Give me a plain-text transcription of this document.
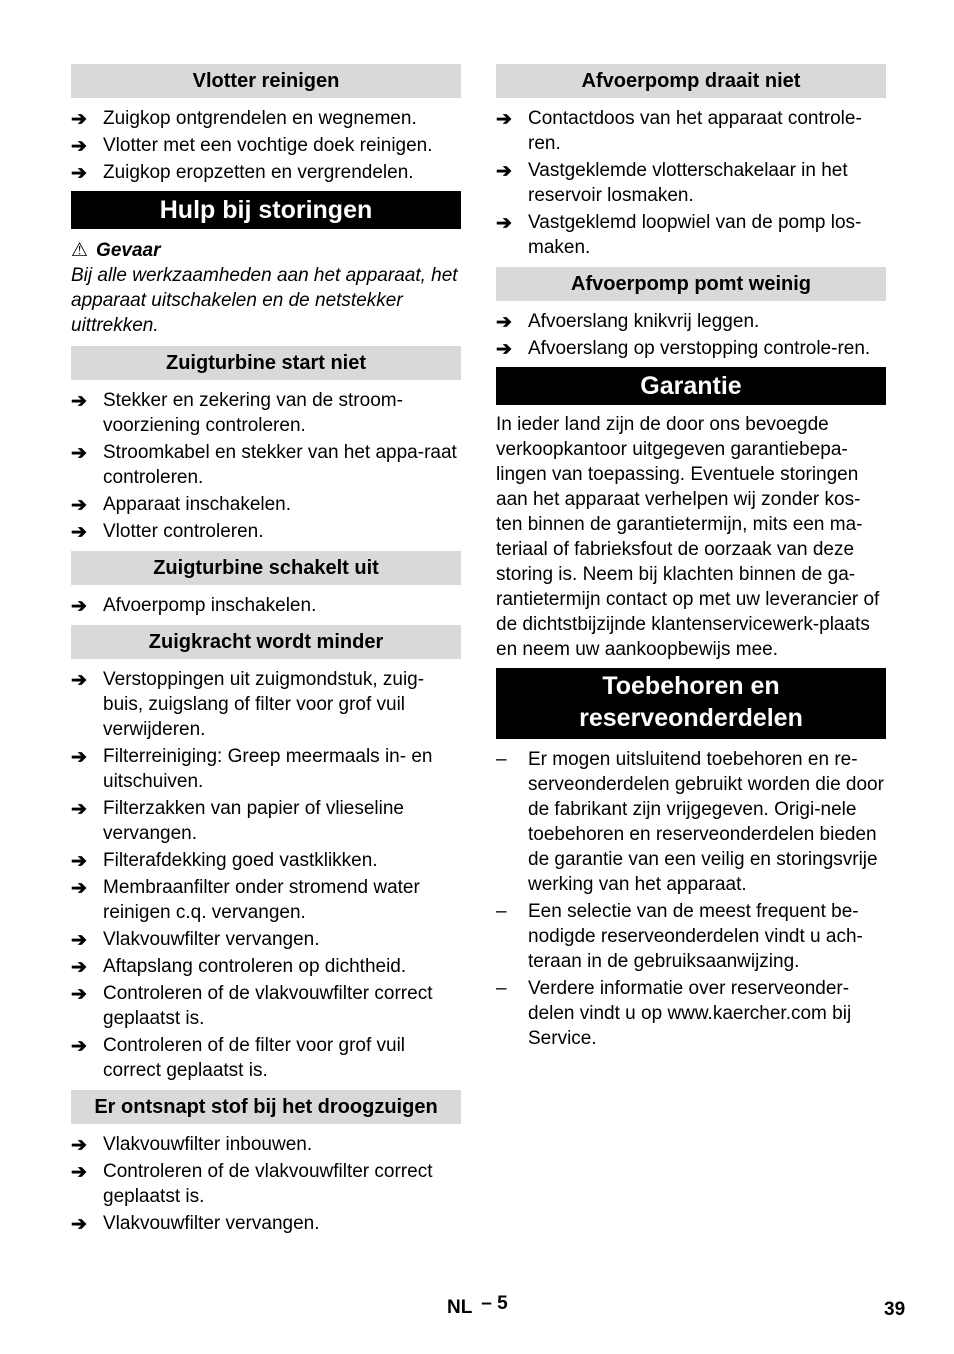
Vlotter reinigen
➔ Zuigkop ontgrendelen en wegnemen.
➔ Vlotter met een vochtige doek reinigen.
➔ Zuigkop eropzetten en vergrendelen.
Hulp bij storingen
⚠ Gevaar
Bij alle werkzaamheden aan het apparaat, het apparaat uitschakelen en de netstekker uittrekken.
Zuigturbine start niet
➔ Stekker en zekering van de stroom-voorziening controleren.
➔ Stroomkabel en stekker van het appa-raat controleren.
➔ Apparaat inschakelen.
➔ Vlotter controleren.
Zuigturbine schakelt uit
➔ Afvoerpomp inschakelen.
Zuigkracht wordt minder
➔ Verstoppingen uit zuigmondstuk, zuig-buis, zuigslang of filter voor grof vuil verwijderen.
➔ Filterreiniging: Greep meermaals in- en uitschuiven.
➔ Filterzakken van papier of vlieseline vervangen.
➔ Filterafdekking goed vastklikken.
➔ Membraanfilter onder stromend water reinigen c.q. vervangen.
➔ Vlakvouwfilter vervangen.
➔ Aftapslang controleren op dichtheid.
➔ Controleren of de vlakvouwfilter correct geplaatst is.
➔ Controleren of de filter voor grof vuil correct geplaatst is.
Er ontsnapt stof bij het droogzuigen
➔ Vlakvouwfilter inbouwen.
➔ Controleren of de vlakvouwfilter correct geplaatst is.
➔ Vlakvouwfilter vervangen.
Afvoerpomp draait niet
➔ Contactdoos van het apparaat controle-ren.
➔ Vastgeklemde vlotterschakelaar in het reservoir losmaken.
➔ Vastgeklemd loopwiel van de pomp los-maken.
Afvoerpomp pomt weinig
➔ Afvoerslang knikvrij leggen.
➔ Afvoerslang op verstopping controle-ren.
Garantie
In ieder land zijn de door ons bevoegde verkoopkantoor uitgegeven garantiebepa-lingen van toepassing. Eventuele storingen aan het apparaat verhelpen wij zonder kos-ten binnen de garantietermijn, mits een ma-teriaal of fabrieksfout de oorzaak van deze storing is. Neem bij klachten binnen de ga-rantietermijn contact op met uw leverancier of de dichtstbijzijnde klantenservicewerk-plaats en neem uw aankoopbewijs mee.
Toebehoren en
reserveonderdelen
– Er mogen uitsluitend toebehoren en re-serveonderdelen gebruikt worden die door de fabrikant zijn vrijgegeven. Origi-nele toebehoren en reserveonderdelen bieden de garantie van een veilig en storingsvrije werking van het apparaat.
– Een selectie van de meest frequent be-nodigde reserveonderdelen vindt u ach-teraan in de gebruiksaanwijzing.
– Verdere informatie over reserveonder-delen vindt u op www.kaercher.com bij Service.
NL – 5	39
